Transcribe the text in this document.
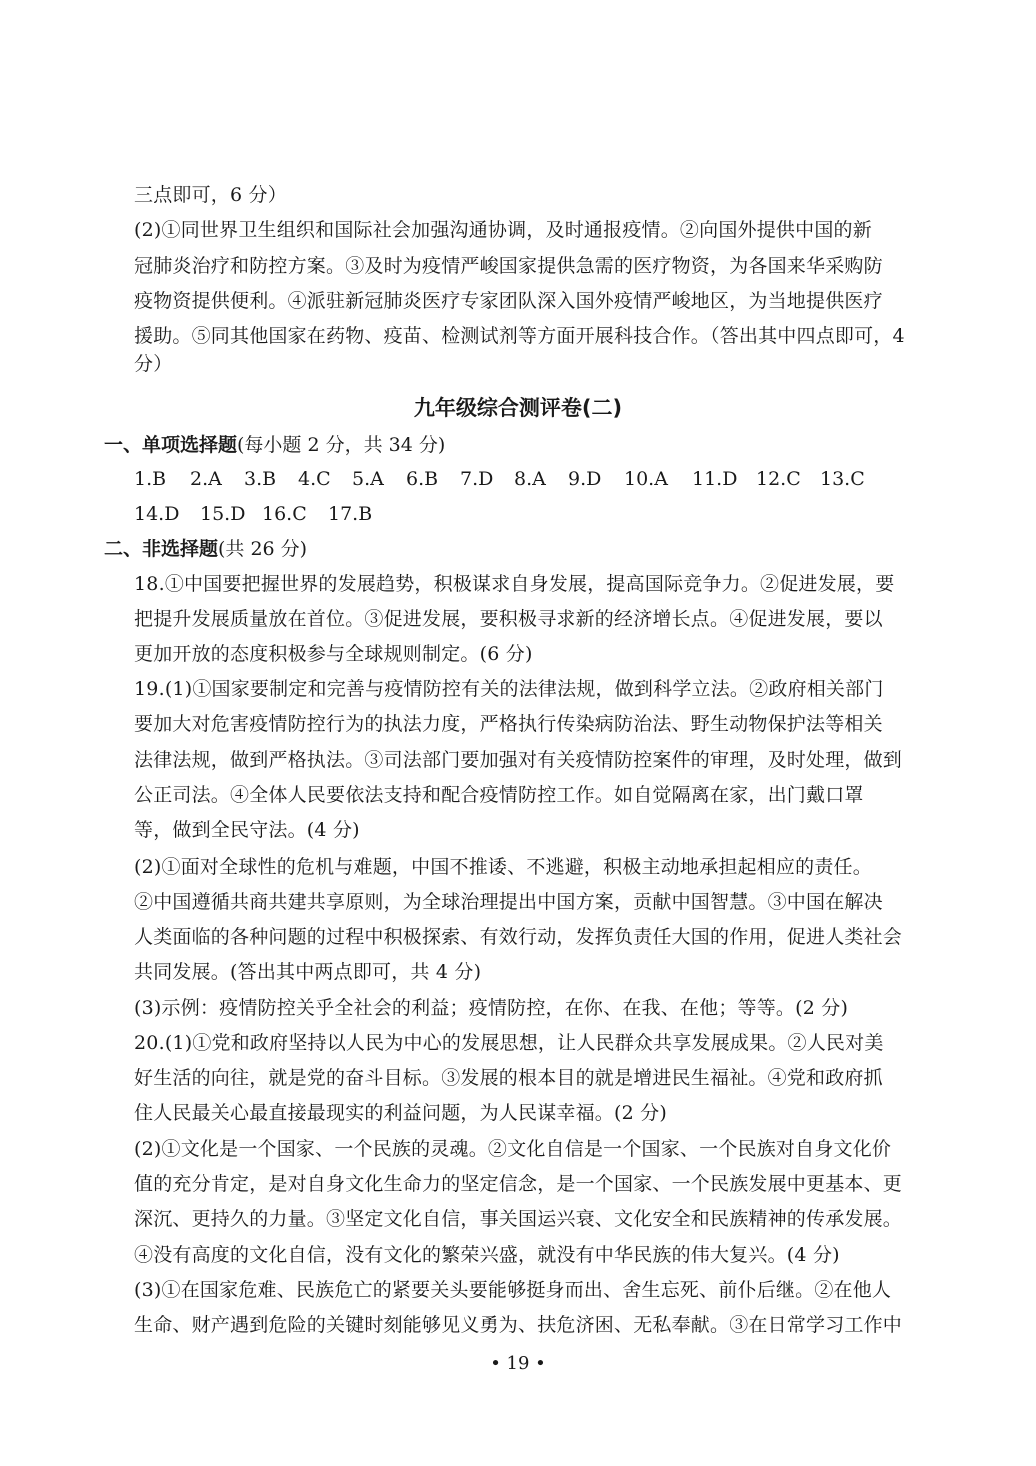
三点即可，6 分）
(2)①同世界卫生组织和国际社会加强沟通协调，及时通报疫情。②向国外提供中国的新
冠肺炎治疗和防控方案。③及时为疫情严峻国家提供急需的医疗物资，为各国来华采购防
疫物资提供便利。④派驻新冠肺炎医疗专家团队深入国外疫情严峻地区，为当地提供医疗
援助。⑤同其他国家在药物、疫苗、检测试剂等方面开展科技合作。（答出其中四点即可，4
分）
九年级综合测评卷(二)
一、单项选择题(每小题 2 分，共 34 分)
1.B 2.A 3.B 4.C 5.A 6.B 7.D 8.A 9.D 10.A 11.D 12.C 13.C
14.D 15.D 16.C 17.B
二、非选择题(共 26 分)
18.①中国要把握世界的发展趋势，积极谋求自身发展，提高国际竞争力。②促进发展，要
把提升发展质量放在首位。③促进发展，要积极寻求新的经济增长点。④促进发展，要以
更加开放的态度积极参与全球规则制定。(6 分)
19.(1)①国家要制定和完善与疫情防控有关的法律法规，做到科学立法。②政府相关部门
要加大对危害疫情防控行为的执法力度，严格执行传染病防治法、野生动物保护法等相关
法律法规，做到严格执法。③司法部门要加强对有关疫情防控案件的审理，及时处理，做到
公正司法。④全体人民要依法支持和配合疫情防控工作。如自觉隔离在家，出门戴口罩
等，做到全民守法。(4 分)
(2)①面对全球性的危机与难题，中国不推诿、不逃避，积极主动地承担起相应的责任。
②中国遵循共商共建共享原则，为全球治理提出中国方案，贡献中国智慧。③中国在解决
人类面临的各种问题的过程中积极探索、有效行动，发挥负责任大国的作用，促进人类社会
共同发展。(答出其中两点即可，共 4 分)
(3)示例：疫情防控关乎全社会的利益；疫情防控，在你、在我、在他；等等。(2 分)
20.(1)①党和政府坚持以人民为中心的发展思想，让人民群众共享发展成果。②人民对美
好生活的向往，就是党的奋斗目标。③发展的根本目的就是增进民生福祉。④党和政府抓
住人民最关心最直接最现实的利益问题，为人民谋幸福。(2 分)
(2)①文化是一个国家、一个民族的灵魂。②文化自信是一个国家、一个民族对自身文化价
值的充分肯定，是对自身文化生命力的坚定信念，是一个国家、一个民族发展中更基本、更
深沉、更持久的力量。③坚定文化自信，事关国运兴衰、文化安全和民族精神的传承发展。
④没有高度的文化自信，没有文化的繁荣兴盛，就没有中华民族的伟大复兴。(4 分)
(3)①在国家危难、民族危亡的紧要关头要能够挺身而出、舍生忘死、前仆后继。②在他人
生命、财产遇到危险的关键时刻能够见义勇为、扶危济困、无私奉献。③在日常学习工作中
• 19 •
